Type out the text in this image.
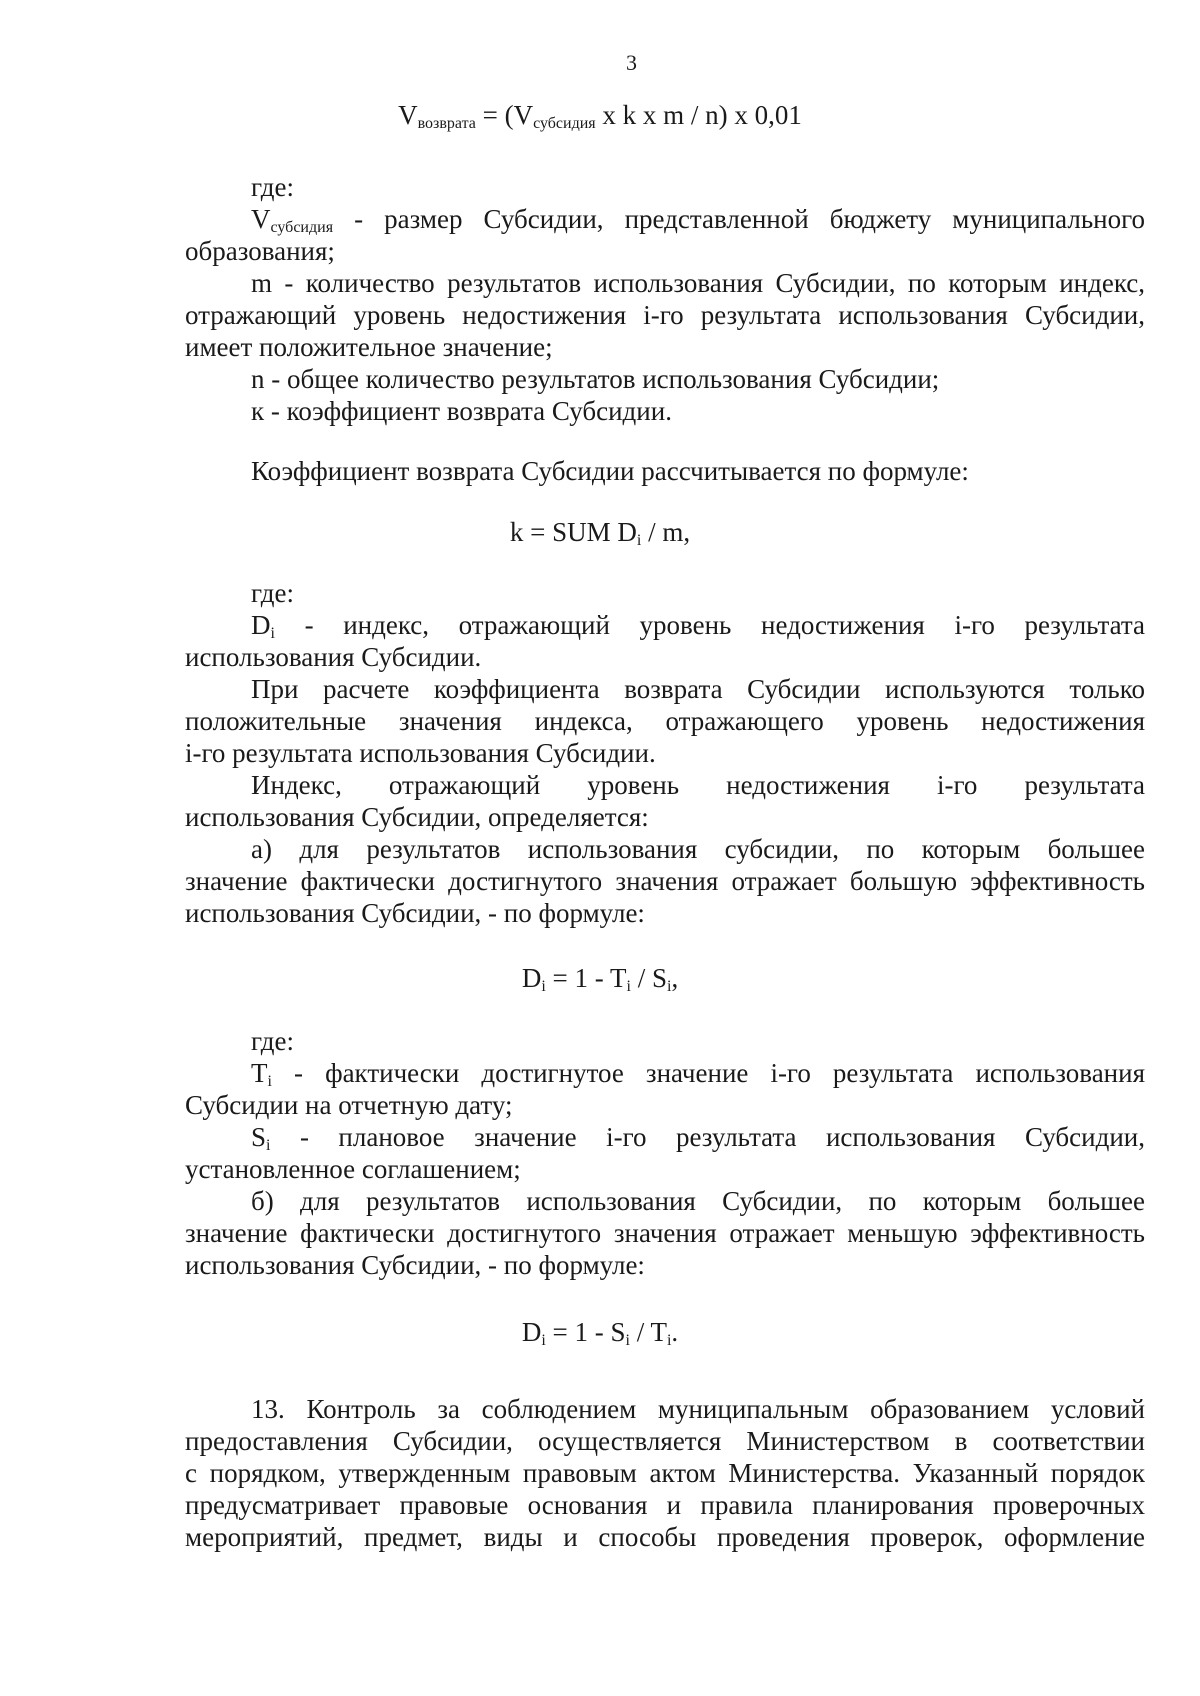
3
$V_{возврата} = (V_{субсидия}$ x k x m / n) x 0,01
где:
$V_{субсидия}$ - размер Субсидии, представленной бюджету муниципального
образования;
m - количество результатов использования Субсидии, по которым индекс,
отражающий уровень недостижения i-го результата использования Субсидии,
имеет положительное значение;
n - общее количество результатов использования Субсидии;
к - коэффициент возврата Субсидии.
Коэффициент возврата Субсидии рассчитывается по формуле:
k = SUM $D_i$ / m,
где:
$D_i$ - индекс, отражающий уровень недостижения i-го результата
использования Субсидии.
При расчете коэффициента возврата Субсидии используются только
положительные значения индекса, отражающего уровень недостижения
i-го результата использования Субсидии.
Индекс, отражающий уровень недостижения i-го результата
использования Субсидии, определяется:
а) для результатов использования субсидии, по которым большее
значение фактически достигнутого значения отражает большую эффективность
использования Субсидии, - по формуле:
$D_i = 1 - T_i / S_i$,
где:
$T_i$ - фактически достигнутое значение i-го результата использования
Субсидии на отчетную дату;
$S_i$ - плановое значение i-го результата использования Субсидии,
установленное соглашением;
б) для результатов использования Субсидии, по которым большее
значение фактически достигнутого значения отражает меньшую эффективность
использования Субсидии, - по формуле:
$D_i = 1 - S_i / T_i$.
13. Контроль за соблюдением муниципальным образованием условий
предоставления Субсидии, осуществляется Министерством в соответствии
с порядком, утвержденным правовым актом Министерства. Указанный порядок
предусматривает правовые основания и правила планирования проверочных
мероприятий, предмет, виды и способы проведения проверок, оформление
